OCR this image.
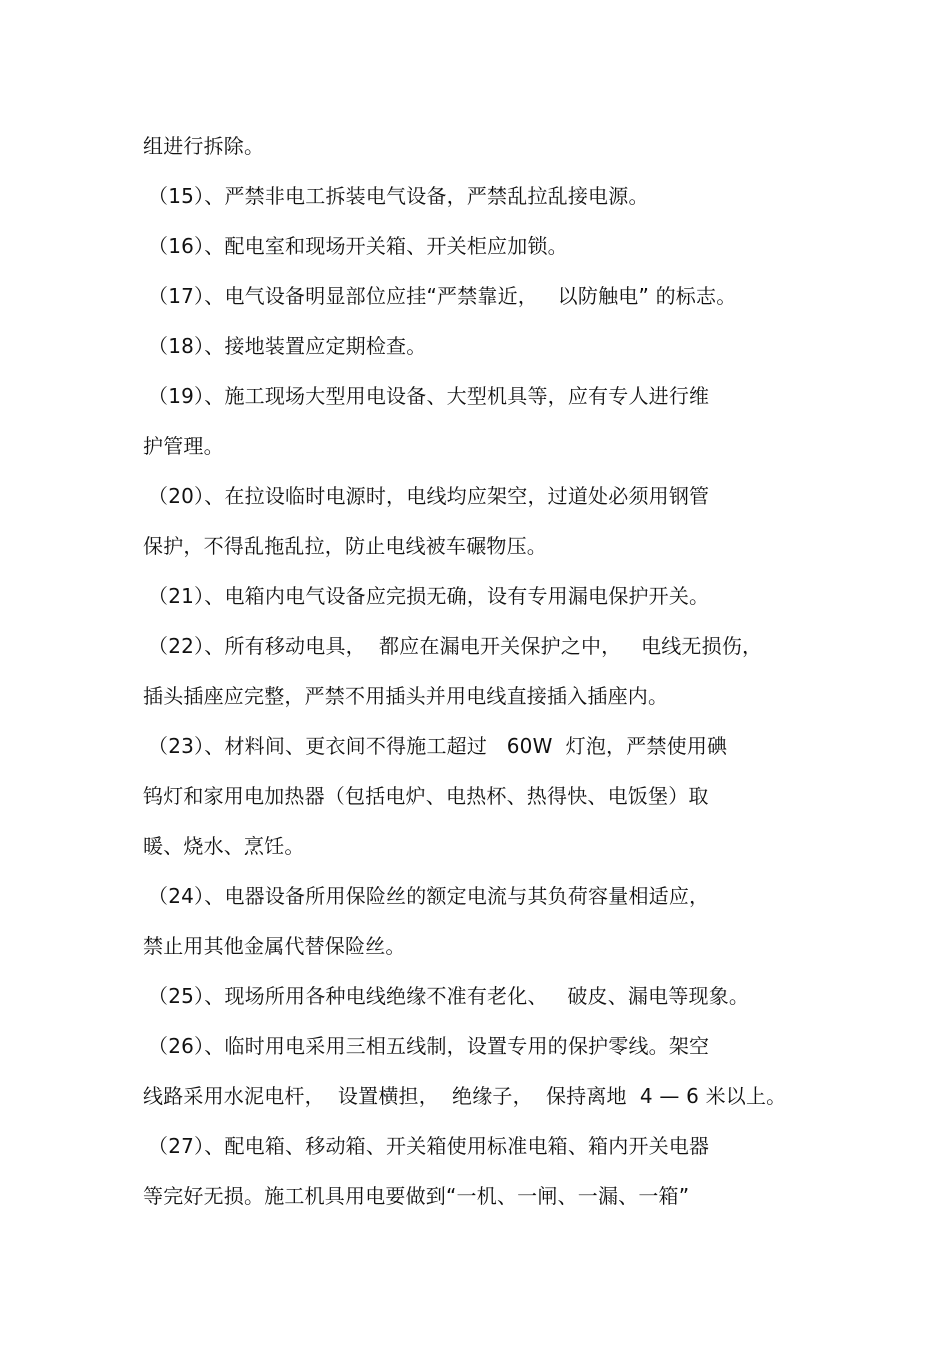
组进行拆除。
（15）、严禁非电工拆装电气设备，严禁乱拉乱接电源。
（16）、配电室和现场开关箱、开关柜应加锁。
（17）、电气设备明显部位应挂“严禁靠近，   以防触电” 的标志。
（18）、接地装置应定期检查。
（19）、施工现场大型用电设备、大型机具等，应有专人进行维
护管理。
（20）、在拉设临时电源时，电线均应架空，过道处必须用钢管
保护，不得乱拖乱拉，防止电线被车碾物压。
（21）、电箱内电气设备应完损无确，设有专用漏电保护开关。
（22）、所有移动电具，  都应在漏电开关保护之中，   电线无损伤，
插头插座应完整，严禁不用插头并用电线直接插入插座内。
（23）、材料间、更衣间不得施工超过   60W  灯泡，严禁使用碘
钨灯和家用电加热器（包括电炉、电热杯、热得快、电饭堡）取
暖、烧水、烹饪。
（24）、电器设备所用保险丝的额定电流与其负荷容量相适应，
禁止用其他金属代替保险丝。
（25）、现场所用各种电线绝缘不准有老化、   破皮、漏电等现象。
（26）、临时用电采用三相五线制，设置专用的保护零线。架空
线路采用水泥电杆，  设置横担，  绝缘子，  保持离地  4 — 6 米以上。
（27）、配电箱、移动箱、开关箱使用标准电箱、箱内开关电器
等完好无损。施工机具用电要做到“一机、一闸、一漏、一箱”
